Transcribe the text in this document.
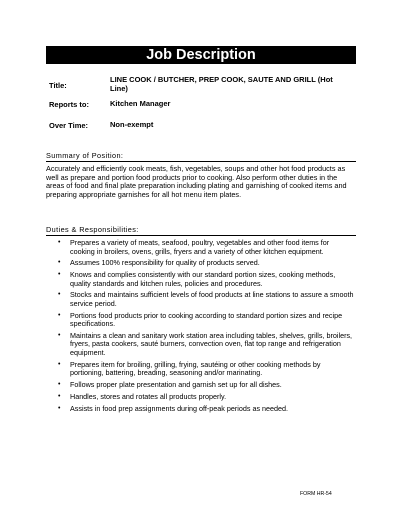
Job Description
Title:
LINE COOK / BUTCHER, PREP COOK, SAUTE AND GRILL (Hot Line)
Reports to:	Kitchen Manager
Over Time:	Non-exempt
Summary of Position:
Accurately and efficiently cook meats, fish, vegetables, soups and other hot food products as well as prepare and portion food products prior to cooking. Also perform other duties in the areas of food and final plate preparation including plating and garnishing of cooked items and preparing appropriate garnishes for all hot menu item plates.
Duties & Responsibilities:
• Prepares a variety of meats, seafood, poultry, vegetables and other food items for cooking in broilers, ovens, grills, fryers and a variety of other kitchen equipment.
• Assumes 100% responsibility for quality of products served.
• Knows and complies consistently with our standard portion sizes, cooking methods, quality standards and kitchen rules, policies and procedures.
• Stocks and maintains sufficient levels of food products at line stations to assure a smooth service period.
• Portions food products prior to cooking according to standard portion sizes and recipe specifications.
• Maintains a clean and sanitary work station area including tables, shelves, grills, broilers, fryers, pasta cookers, sauté burners, convection oven, flat top range and refrigeration equipment.
• Prepares item for broiling, grilling, frying, sautéing or other cooking methods by portioning, battering, breading, seasoning and/or marinating.
• Follows proper plate presentation and garnish set up for all dishes.
• Handles, stores and rotates all products properly.
• Assists in food prep assignments during off-peak periods as needed.
FORM HR-54
